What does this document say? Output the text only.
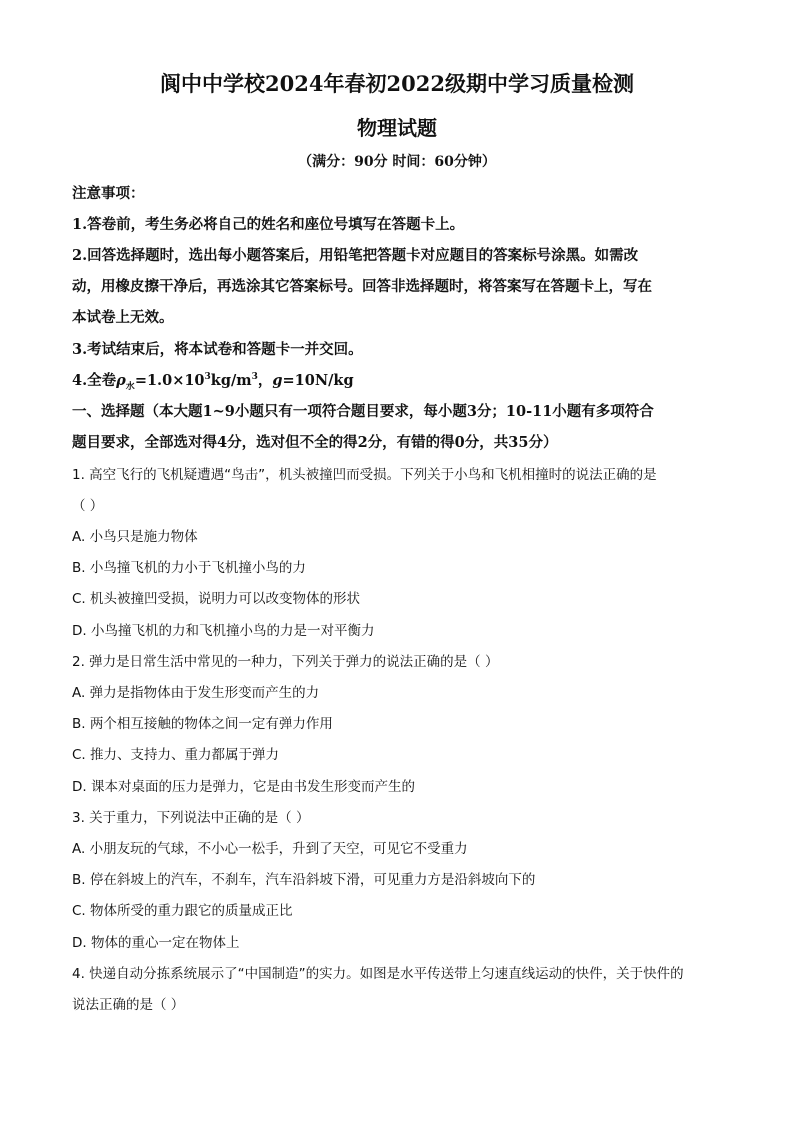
阆中中学校2024年春初2022级期中学习质量检测
物理试题
（满分：90分 时间：60分钟）
注意事项：
1.答卷前，考生务必将自己的姓名和座位号填写在答题卡上。
2.回答选择题时，选出每小题答案后，用铅笔把答题卡对应题目的答案标号涂黑。如需改
动，用橡皮擦干净后，再选涂其它答案标号。回答非选择题时，将答案写在答题卡上，写在
本试卷上无效。
3.考试结束后，将本试卷和答题卡一并交回。
4.全卷$\rho_水=1.0\times 10^3kg/m^3$，g=10N/kg
一、选择题（本大题1~9小题只有一项符合题目要求，每小题3分；10-11小题有多项符合
题目要求，全部选对得4分，选对但不全的得2分，有错的得0分，共35分）
1. 高空飞行的飞机疑遭遇“鸟击”，机头被撞凹而受损。下列关于小鸟和飞机相撞时的说法正确的是
（ ）
A. 小鸟只是施力物体
B. 小鸟撞飞机的力小于飞机撞小鸟的力
C. 机头被撞凹受损，说明力可以改变物体的形状
D. 小鸟撞飞机的力和飞机撞小鸟的力是一对平衡力
2. 弹力是日常生活中常见的一种力，下列关于弹力的说法正确的是（ ）
A. 弹力是指物体由于发生形变而产生的力
B. 两个相互接触的物体之间一定有弹力作用
C. 推力、支持力、重力都属于弹力
D. 课本对桌面的压力是弹力，它是由书发生形变而产生的
3. 关于重力，下列说法中正确的是（ ）
A. 小朋友玩的气球，不小心一松手，升到了天空，可见它不受重力
B. 停在斜坡上的汽车，不刹车，汽车沿斜坡下滑，可见重力方是沿斜坡向下的
C. 物体所受的重力跟它的质量成正比
D. 物体的重心一定在物体上
4. 快递自动分拣系统展示了“中国制造”的实力。如图是水平传送带上匀速直线运动的快件，关于快件的
说法正确的是（ ）
